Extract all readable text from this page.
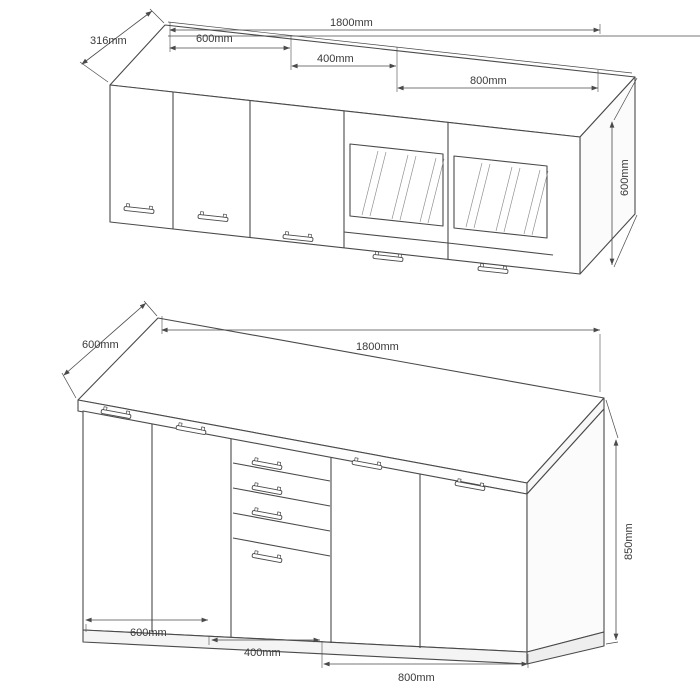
316mm	600mm
1800mm
400mm
800mm
600mm
600mm	1800mm
850mm
600mm
400mm
800mm
